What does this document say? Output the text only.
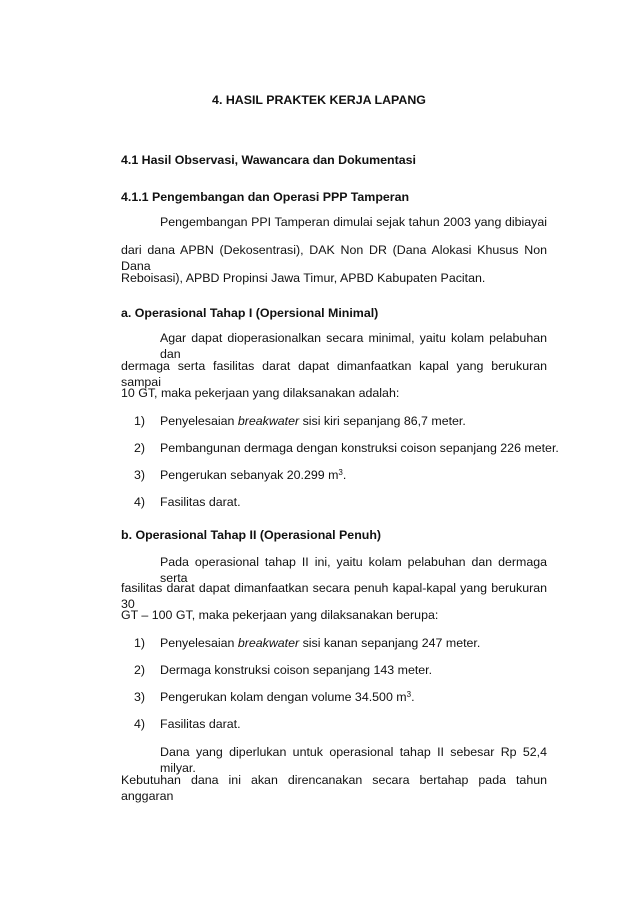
4. HASIL PRAKTEK KERJA LAPANG
4.1 Hasil Observasi, Wawancara dan Dokumentasi
4.1.1 Pengembangan dan Operasi PPP Tamperan
Pengembangan PPI Tamperan dimulai sejak tahun 2003 yang dibiayai
dari dana APBN (Dekosentrasi), DAK Non DR (Dana Alokasi Khusus Non Dana
Reboisasi), APBD Propinsi Jawa Timur, APBD Kabupaten Pacitan.
a. Operasional Tahap I (Opersional Minimal)
Agar dapat dioperasionalkan secara minimal, yaitu kolam pelabuhan dan
dermaga serta fasilitas darat dapat dimanfaatkan kapal yang berukuran sampai
10 GT, maka pekerjaan yang dilaksanakan adalah:
1) Penyelesaian breakwater sisi kiri sepanjang 86,7 meter.
2) Pembangunan dermaga dengan konstruksi coison sepanjang 226 meter.
3) Pengerukan sebanyak 20.299 $m^3$.
4) Fasilitas darat.
b. Operasional Tahap II (Operasional Penuh)
Pada operasional tahap II ini, yaitu kolam pelabuhan dan dermaga serta
fasilitas darat dapat dimanfaatkan secara penuh kapal-kapal yang berukuran 30
GT – 100 GT, maka pekerjaan yang dilaksanakan berupa:
1) Penyelesaian breakwater sisi kanan sepanjang 247 meter.
2) Dermaga konstruksi coison sepanjang 143 meter.
3) Pengerukan kolam dengan volume 34.500 $m^3$.
4) Fasilitas darat.
Dana yang diperlukan untuk operasional tahap II sebesar Rp 52,4 milyar.
Kebutuhan dana ini akan direncanakan secara bertahap pada tahun anggaran
